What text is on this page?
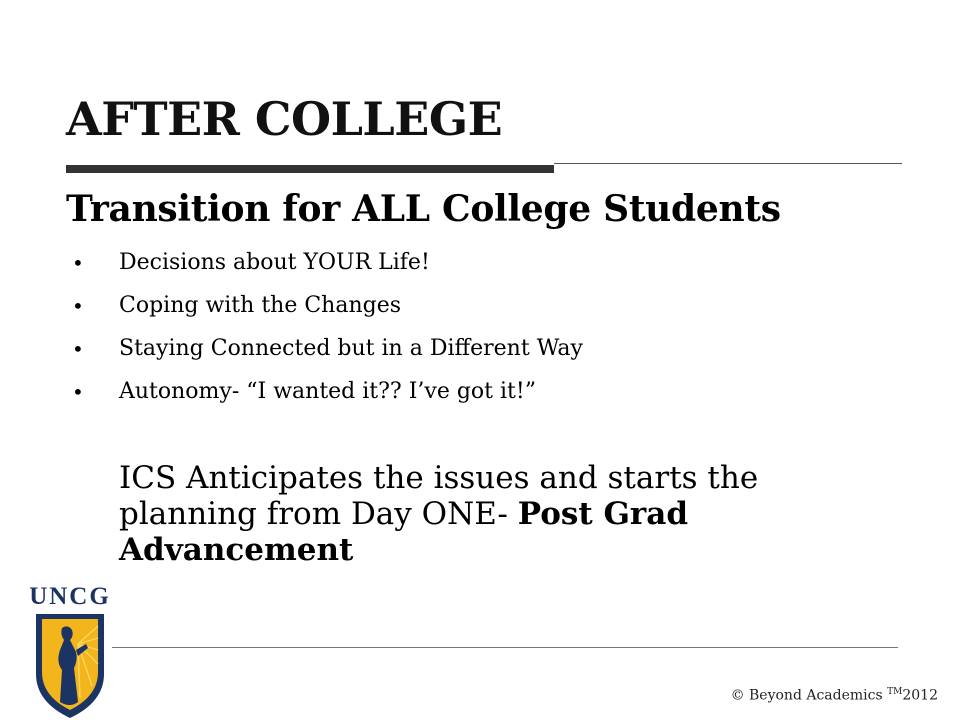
AFTER COLLEGE
Transition for ALL College Students
• Decisions about YOUR Life!
• Coping with the Changes
• Staying Connected but in a Different Way
• Autonomy- “I wanted it?? I’ve got it!”

ICS Anticipates the issues and starts the planning from Day ONE- Post Grad Advancement

UNCG
© Beyond Academics ™2012
